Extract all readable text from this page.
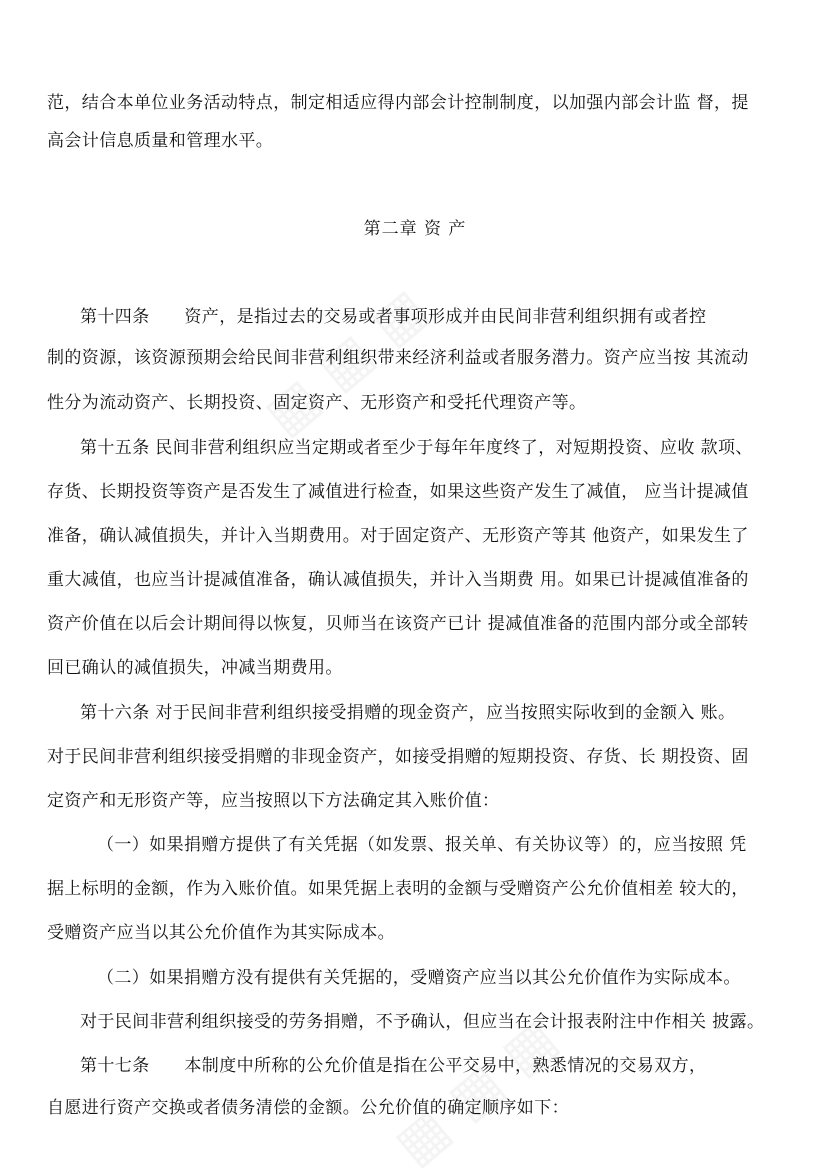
范，结合本单位业务活动特点，制定相适应得内部会计控制制度，以加强内部会计监 督，提
高会计信息质量和管理水平。
第二章 资 产
第十四条　　资产，是指过去的交易或者事项形成并由民间非营利组织拥有或者控
制的资源，该资源预期会给民间非营利组织带来经济利益或者服务潜力。资产应当按 其流动
性分为流动资产、长期投资、固定资产、无形资产和受托代理资产等。
第十五条 民间非营利组织应当定期或者至少于每年年度终了，对短期投资、应收 款项、
存货、长期投资等资产是否发生了减值进行检查，如果这些资产发生了减值， 应当计提减值
准备，确认减值损失，并计入当期费用。对于固定资产、无形资产等其 他资产，如果发生了
重大减值，也应当计提减值准备，确认减值损失，并计入当期费 用。如果已计提减值准备的
资产价值在以后会计期间得以恢复，贝师当在该资产已计 提减值准备的范围内部分或全部转
回已确认的减值损失，冲减当期费用。
第十六条 对于民间非营利组织接受捐赠的现金资产，应当按照实际收到的金额入 账。
对于民间非营利组织接受捐赠的非现金资产，如接受捐赠的短期投资、存货、长 期投资、固
定资产和无形资产等，应当按照以下方法确定其入账价值：
（一）如果捐赠方提供了有关凭据（如发票、报关单、有关协议等）的，应当按照 凭
据上标明的金额，作为入账价值。如果凭据上表明的金额与受赠资产公允价值相差 较大的，
受赠资产应当以其公允价值作为其实际成本。
（二）如果捐赠方没有提供有关凭据的，受赠资产应当以其公允价值作为实际成本。
对于民间非营利组织接受的劳务捐赠，不予确认，但应当在会计报表附注中作相关 披露。
第十七条　　本制度中所称的公允价值是指在公平交易中，熟悉情况的交易双方，
自愿进行资产交换或者债务清偿的金额。公允价值的确定顺序如下：
